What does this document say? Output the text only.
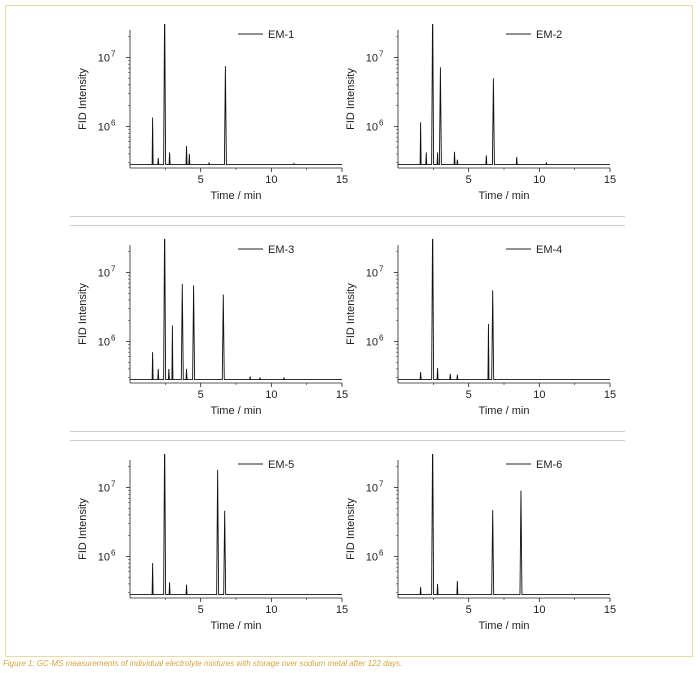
5	10	15
10 6
10 7
Time / min
FID Intensity
EM-1
5	10	15
10 6
10 7
Time / min
FID Intensity
EM-2
5	10	15
10 6
10 7
Time / min
FID Intensity
EM-3
5	10	15
10 6
10 7
Time / min
FID Intensity
EM-4
5	10	15
10 6
10 7
Time / min
FID Intensity
EM-5
5	10	15
10 6
10 7
Time / min
FID Intensity
EM-6
Figure 1: GC-MS measurements of individual electrolyte mixtures with storage over sodium metal after 122 days.
